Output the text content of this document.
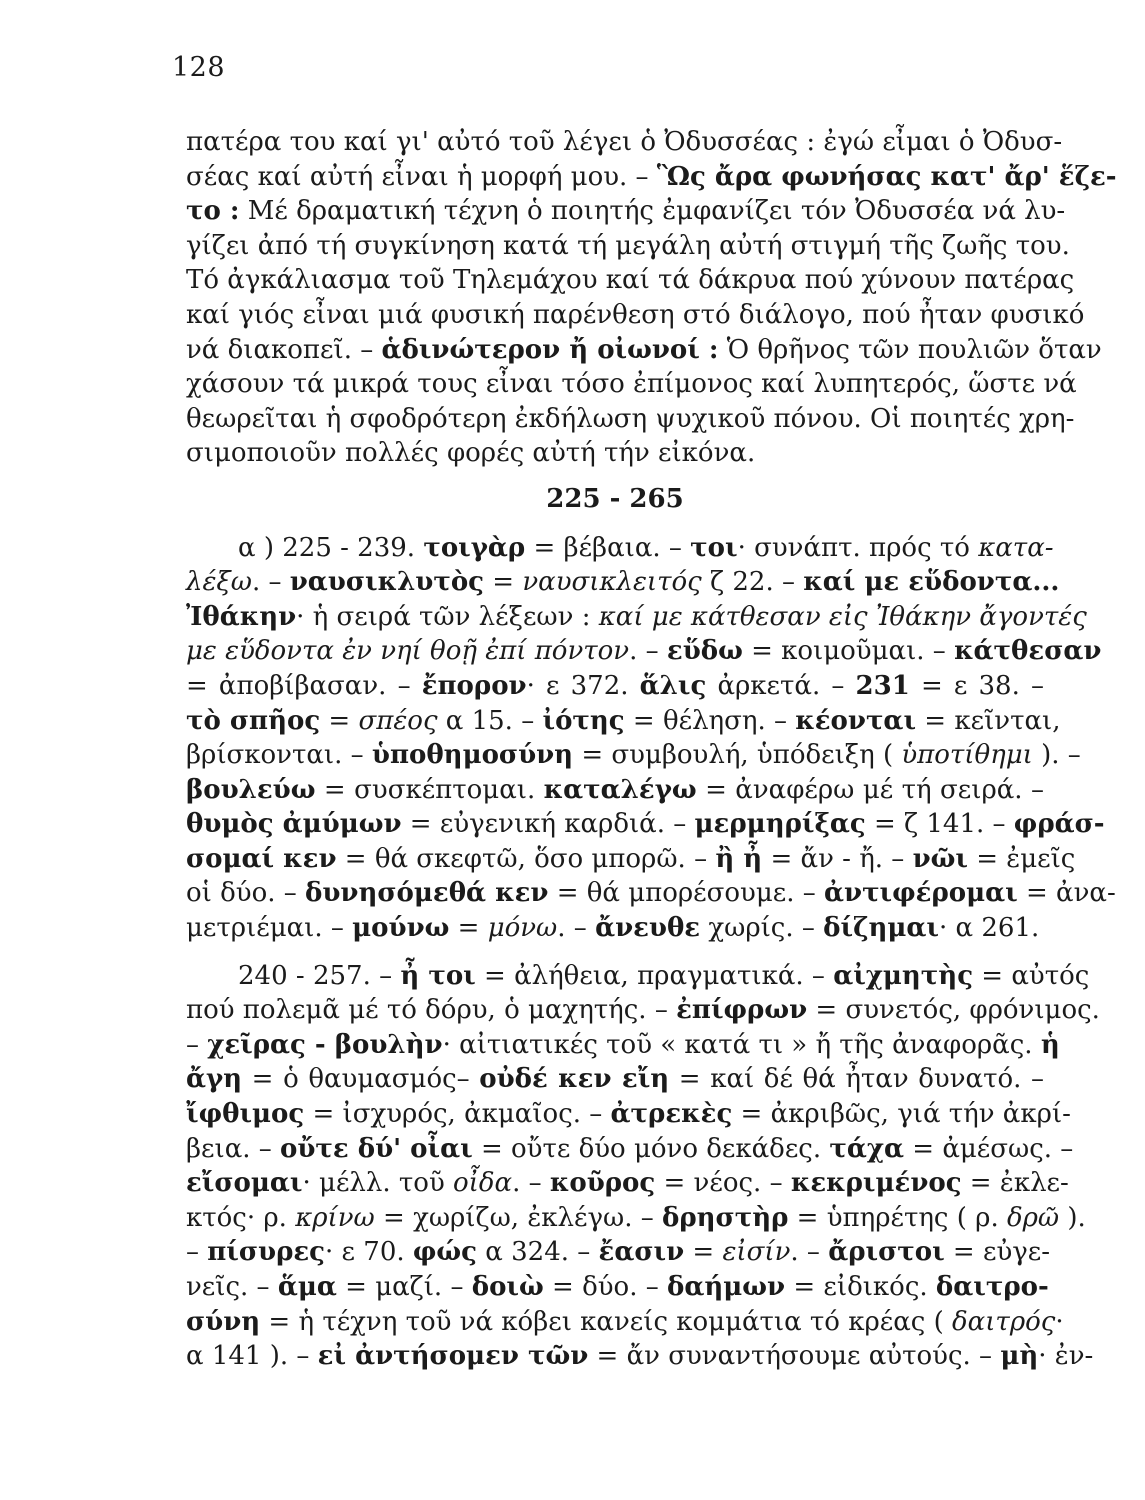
128
πατέρα του καί γι' αὐτό τοῦ λέγει ὁ Ὀδυσσέας : ἐγώ εἶμαι ὁ Ὀδυσ-
σέας καί αὐτή εἶναι ἡ μορφή μου. – Ὣς ἄρα φωνήσας κατ' ἄρ' ἕζε-
το : Μέ δραματική τέχνη ὁ ποιητής ἐμφανίζει τόν Ὀδυσσέα νά λυ-
γίζει ἀπό τή συγκίνηση κατά τή μεγάλη αὐτή στιγμή τῆς ζωῆς του.
Τό ἀγκάλιασμα τοῦ Τηλεμάχου καί τά δάκρυα πού χύνουν πατέρας
καί γιός εἶναι μιά φυσική παρένθεση στό διάλογο, πού ἦταν φυσικό
νά διακοπεῖ. – ἁδινώτερον ἤ οἰωνοί : Ὁ θρῆνος τῶν πουλιῶν ὅταν
χάσουν τά μικρά τους εἶναι τόσο ἐπίμονος καί λυπητερός, ὥστε νά
θεωρεῖται ἡ σφοδρότερη ἐκδήλωση ψυχικοῦ πόνου. Οἱ ποιητές χρη-
σιμοποιοῦν πολλές φορές αὐτή τήν εἰκόνα.
225 - 265
α ) 225 - 239. τοιγὰρ = βέβαια. – τοι· συνάπτ. πρός τό κατα-
λέξω. – ναυσικλυτὸς = ναυσικλειτός ζ 22. – καί με εὕδοντα...
Ἰθάκην· ἡ σειρά τῶν λέξεων : καί με κάτθεσαν εἰς Ἰθάκην ἄγοντές
με εὕδοντα ἐν νηί θοῇ ἐπί πόντον. – εὕδω = κοιμοῦμαι. – κάτθεσαν
= ἀποβίβασαν. – ἔπορον· ε 372. ἅλις ἀρκετά. – 231 = ε 38. –
τὸ σπῆος = σπέος α 15. – ἰότης = θέληση. – κέονται = κεῖνται,
βρίσκονται. – ὑποθημοσύνη = συμβουλή, ὑπόδειξη ( ὑποτίθημι ). –
βουλεύω = συσκέπτομαι. καταλέγω = ἀναφέρω μέ τή σειρά. –
θυμὸς ἀμύμων = εὐγενική καρδιά. – μερμηρίξας = ζ 141. – φράσ-
σομαί κεν = θά σκεφτῶ, ὅσο μπορῶ. – ἢ ἦ = ἄν - ἤ. – νῶι = ἐμεῖς
οἱ δύο. – δυνησόμεθά κεν = θά μπορέσουμε. – ἀντιφέρομαι = ἀνα-
μετριέμαι. – μούνω = μόνω. – ἄνευθε χωρίς. – δίζημαι· α 261.
240 - 257. – ἦ τοι = ἀλήθεια, πραγματικά. – αἰχμητὴς = αὐτός
πού πολεμᾶ μέ τό δόρυ, ὁ μαχητής. – ἐπίφρων = συνετός, φρόνιμος.
– χεῖρας - βουλὴν· αἰτιατικές τοῦ « κατά τι » ἤ τῆς ἀναφορᾶς. ἡ
ἄγη = ὁ θαυμασμός– οὐδέ κεν εἴη = καί δέ θά ἦταν δυνατό. –
ἴφθιμος = ἰσχυρός, ἀκμαῖος. – ἀτρεκὲς = ἀκριβῶς, γιά τήν ἀκρί-
βεια. – οὔτε δύ' οἶαι = οὔτε δύο μόνο δεκάδες. τάχα = ἀμέσως. –
εἴσομαι· μέλλ. τοῦ οἶδα. – κοῦρος = νέος. – κεκριμένος = ἐκλε-
κτός· ρ. κρίνω = χωρίζω, ἐκλέγω. – δρηστὴρ = ὑπηρέτης ( ρ. δρῶ ).
– πίσυρες· ε 70. φώς α 324. – ἔασιν = εἰσίν. – ἄριστοι = εὐγε-
νεῖς. – ἅμα = μαζί. – δοιὼ = δύο. – δαήμων = εἰδικός. δαιτρο-
σύνη = ἡ τέχνη τοῦ νά κόβει κανείς κομμάτια τό κρέας ( δαιτρός·
α 141 ). – εἰ ἀντήσομεν τῶν = ἄν συναντήσουμε αὐτούς. – μὴ· ἐν-
